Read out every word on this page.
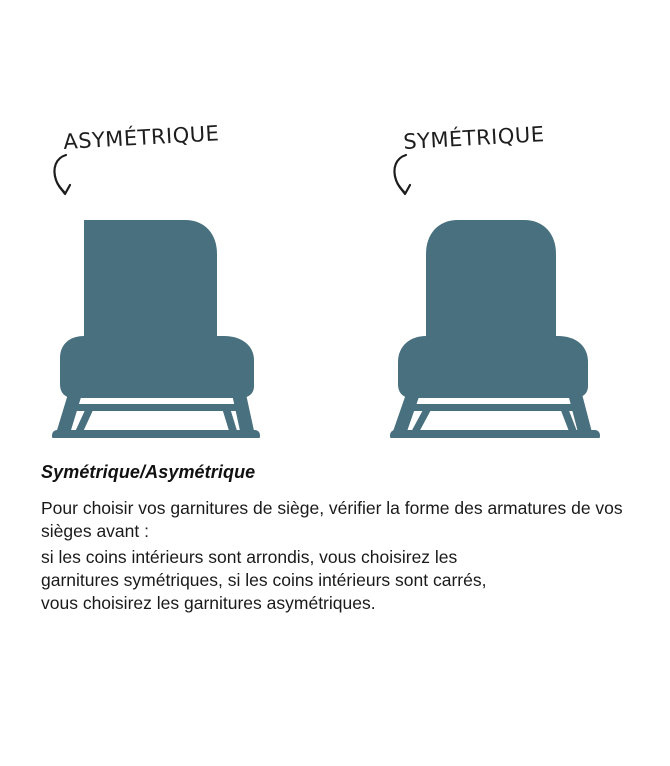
ASYMÉTRIQUE	SYMÉTRIQUE
Symétrique/Asymétrique

Pour choisir vos garnitures de siège, vérifier la forme des armatures de vos sièges avant :

si les coins intérieurs sont arrondis, vous choisirez les
garnitures symétriques, si les coins intérieurs sont carrés,
vous choisirez les garnitures asymétriques.
